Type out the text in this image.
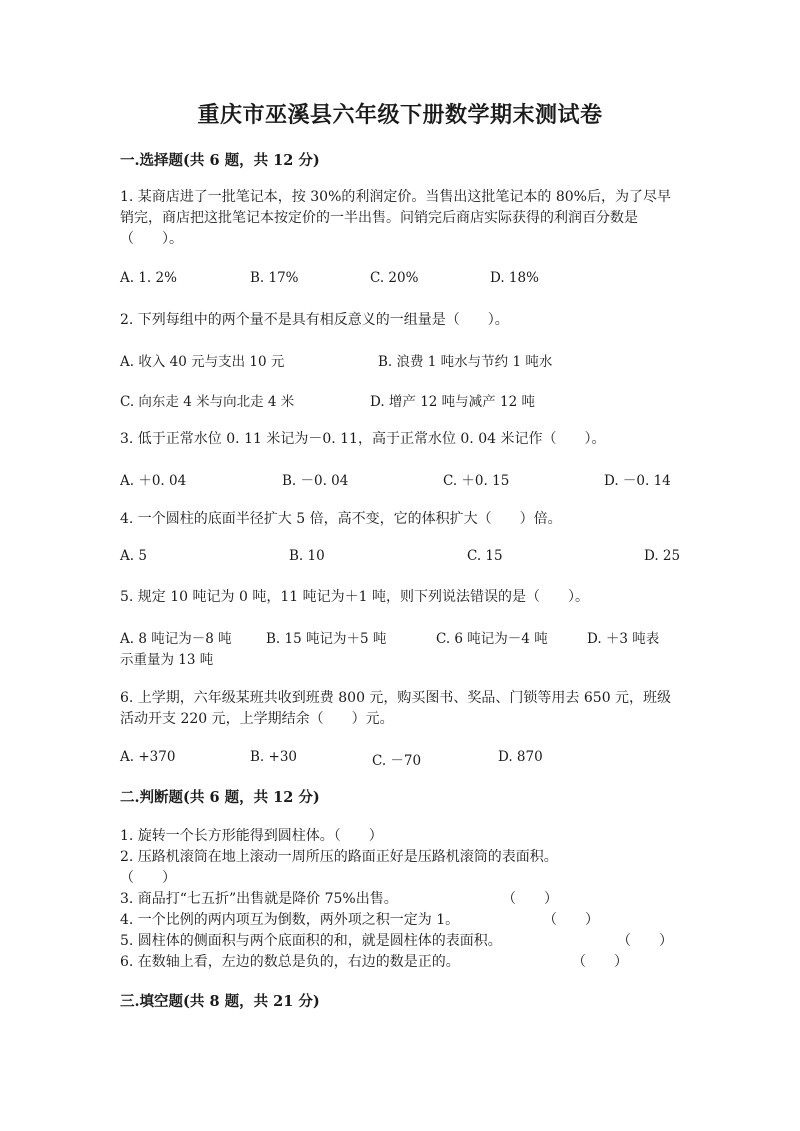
重庆市巫溪县六年级下册数学期末测试卷
一.选择题(共 6 题，共 12 分)
1. 某商店进了一批笔记本，按 30%的利润定价。当售出这批笔记本的 80%后，为了尽早销完，商店把这批笔记本按定价的一半出售。问销完后商店实际获得的利润百分数是（　　）。
A. 1. 2%	B. 17%	C. 20%	D. 18%
2. 下列每组中的两个量不是具有相反意义的一组量是（　　）。
A. 收入 40 元与支出 10 元	B. 浪费 1 吨水与节约 1 吨水
C. 向东走 4 米与向北走 4 米	D. 增产 12 吨与减产 12 吨
3. 低于正常水位 0. 11 米记为－0. 11，高于正常水位 0. 04 米记作（　　）。
A. ＋0. 04	B. －0. 04	C. ＋0. 15	D. －0. 14
4. 一个圆柱的底面半径扩大 5 倍，高不变，它的体积扩大（　　）倍。
A. 5	B. 10	C. 15	D. 25
5. 规定 10 吨记为 0 吨，11 吨记为＋1 吨，则下列说法错误的是（　　）。
A. 8 吨记为－8 吨	B. 15 吨记为＋5 吨	C. 6 吨记为－4 吨	D. ＋3 吨表
示重量为 13 吨
6. 上学期，六年级某班共收到班费 800 元，购买图书、奖品、门锁等用去 650 元，班级活动开支 220 元，上学期结余（　　）元。
A. +370	B. +30	C. －70	D. 870
二.判断题(共 6 题，共 12 分)
1. 旋转一个长方形能得到圆柱体。（　　）
2. 压路机滚筒在地上滚动一周所压的路面正好是压路机滚筒的表面积。
（　　）
3. 商品打“七五折”出售就是降价 75%出售。	（　　）
4. 一个比例的两内项互为倒数，两外项之积一定为 1。	（　　）
5. 圆柱体的侧面积与两个底面积的和，就是圆柱体的表面积。	（　　）
6. 在数轴上看，左边的数总是负的，右边的数是正的。	（　　）
三.填空题(共 8 题，共 21 分)
